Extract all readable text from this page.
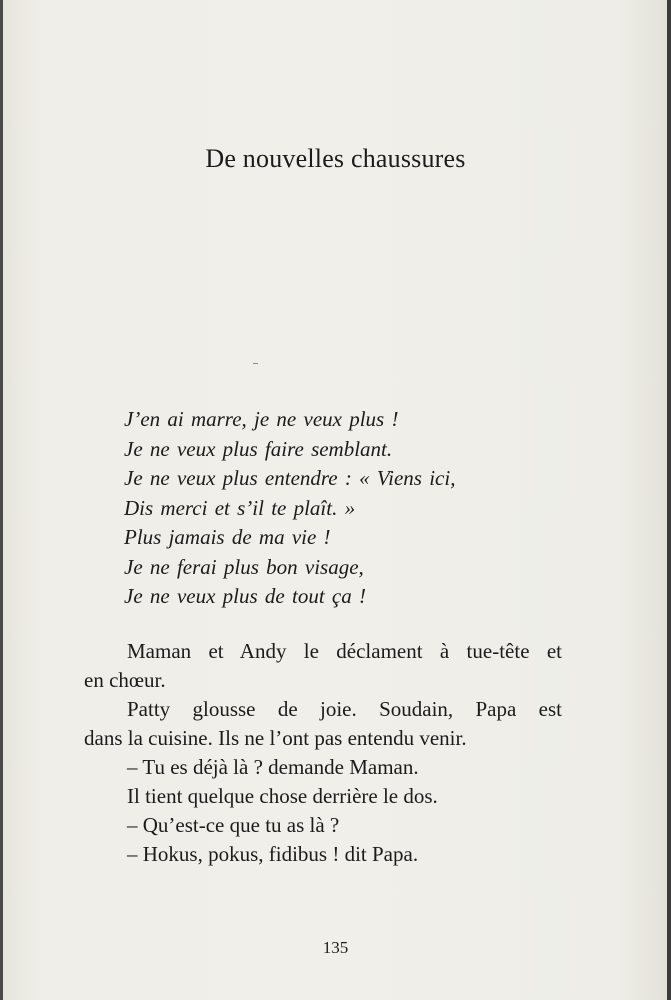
De nouvelles chaussures
J’en ai marre, je ne veux plus !
Je ne veux plus faire semblant.
Je ne veux plus entendre : « Viens ici,
Dis merci et s’il te plaît. »
Plus jamais de ma vie !
Je ne ferai plus bon visage,
Je ne veux plus de tout ça !
Maman et Andy le déclament à tue-tête et
en chœur.
Patty glousse de joie. Soudain, Papa est
dans la cuisine. Ils ne l’ont pas entendu venir.
– Tu es déjà là ? demande Maman.
Il tient quelque chose derrière le dos.
– Qu’est-ce que tu as là ?
– Hokus, pokus, fidibus ! dit Papa.
135
